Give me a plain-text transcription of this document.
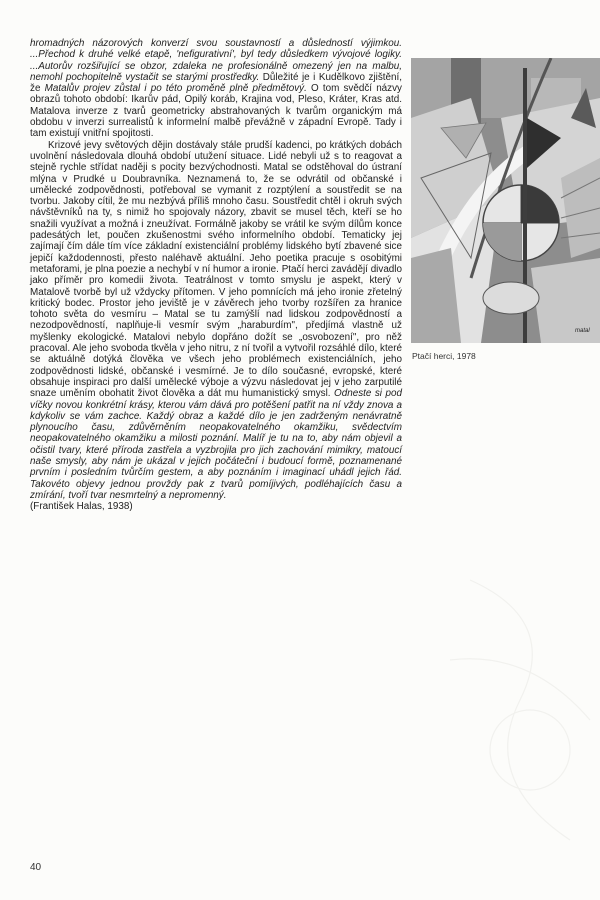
hromadných názorových konverzí svou soustavností a důsledností výjimkou. ...Přechod k druhé velké etapě, 'nefigurativní', byl tedy důsledkem vývojové logiky. ...Autorův rozšiřující se obzor, zdaleka ne profesionálně omezený jen na malbu, nemohl pochopitelně vystačit se starými prostředky. Důležité je i Kudělkovo zjištění, že Matalův projev zůstal i po této proměně plně předmětový. O tom svědčí názvy obrazů tohoto období: Ikarův pád, Opilý koráb, Krajina vod, Pleso, Kráter, Kras atd. Matalova inverze z tvarů geometricky abstrahovaných k tvarům organickým má obdobu v inverzi surrealistů k informelní malbě převážně v západní Evropě. Tady i tam existují vnitřní spojitosti.

Krizové jevy světových dějin dostávaly stále prudší kadenci, po krátkých dobách uvolnění následovala dlouhá období utužení situace. Lidé nebyli už s to reagovat a stejně rychle střídat naději s pocity bezvýchodnosti. Matal se odstěhoval do ústraní mlýna v Prudké u Doubravníka. Neznamená to, že se odvrátil od občanské i umělecké zodpovědnosti, potřeboval se vymanit z rozptýlení a soustředit se na tvorbu. Jakoby cítil, že mu nezbývá příliš mnoho času. Soustředit chtěl i okruh svých návštěvníků na ty, s nimiž ho spojovaly názory, zbavit se musel těch, kteří se ho snažili využívat a možná i zneužívat. Formálně jakoby se vrátil ke svým dílům konce padesátých let, poučen zkušenostmi svého informelního období. Tematicky jej zajímají čím dále tím více základní existenciální problémy lidského bytí zbavené sice jepičí každodennosti, přesto naléhavě aktuální. Jeho poetika pracuje s osobitými metaforami, je plna poezie a nechybí v ní humor a ironie. Ptačí herci zavádějí divadlo jako příměr pro komedii života. Teatrálnost v tomto smyslu je aspekt, který v Matalově tvorbě byl už vždycky přítomen. V jeho pomnících má jeho ironie zřetelný kritický bodec. Prostor jeho jeviště je v závěrech jeho tvorby rozšířen za hranice tohoto světa do vesmíru – Matal se tu zamýšlí nad lidskou zodpovědností a nezodpovědností, naplňuje-li vesmír svým „haraburdím", předjímá vlastně už myšlenky ekologické. Matalovi nebylo dopřáno dožít se „osvobození", pro něž pracoval. Ale jeho svoboda tkvěla v jeho nitru, z ní tvořil a vytvořil rozsáhlé dílo, které se aktuálně dotýká člověka ve všech jeho problémech existenciálních, jeho zodpovědnosti lidské, občanské i vesmírné. Je to dílo současné, evropské, které obsahuje inspiraci pro další umělecké výboje a výzvu následovat jej v jeho zarputilé snaze uměním obohatit život člověka a dát mu humanistický smysl. Odneste si pod víčky novou konkrétní krásy, kterou vám dává pro potěšení patřit na ní vždy znova a kdykoliv se vám zachce. Každý obraz a každé dílo je jen zadrženým nenávratně plynoucího času, zdůvěrněním neopakovatelného okamžiku, svědectvím neopakovatelného okamžiku a milosti poznání. Malíř je tu na to, aby nám objevil a očistil tvary, které příroda zastřela a vyzbrojila pro jich zachování mimikry, matoucí naše smysly, aby nám je ukázal v jejich počáteční i budoucí formě, poznamenané prvním i posledním tvůrčím gestem, a aby poznáním i imaginací uhádl jejich řád. Takovéto objevy jednou provždy pak z tvarů pomíjivých, podléhajících času a zmírání, tvoří tvar nesmrtelný a nepromenný.

(František Halas, 1938)

matal
Ptačí herci, 1978
40
